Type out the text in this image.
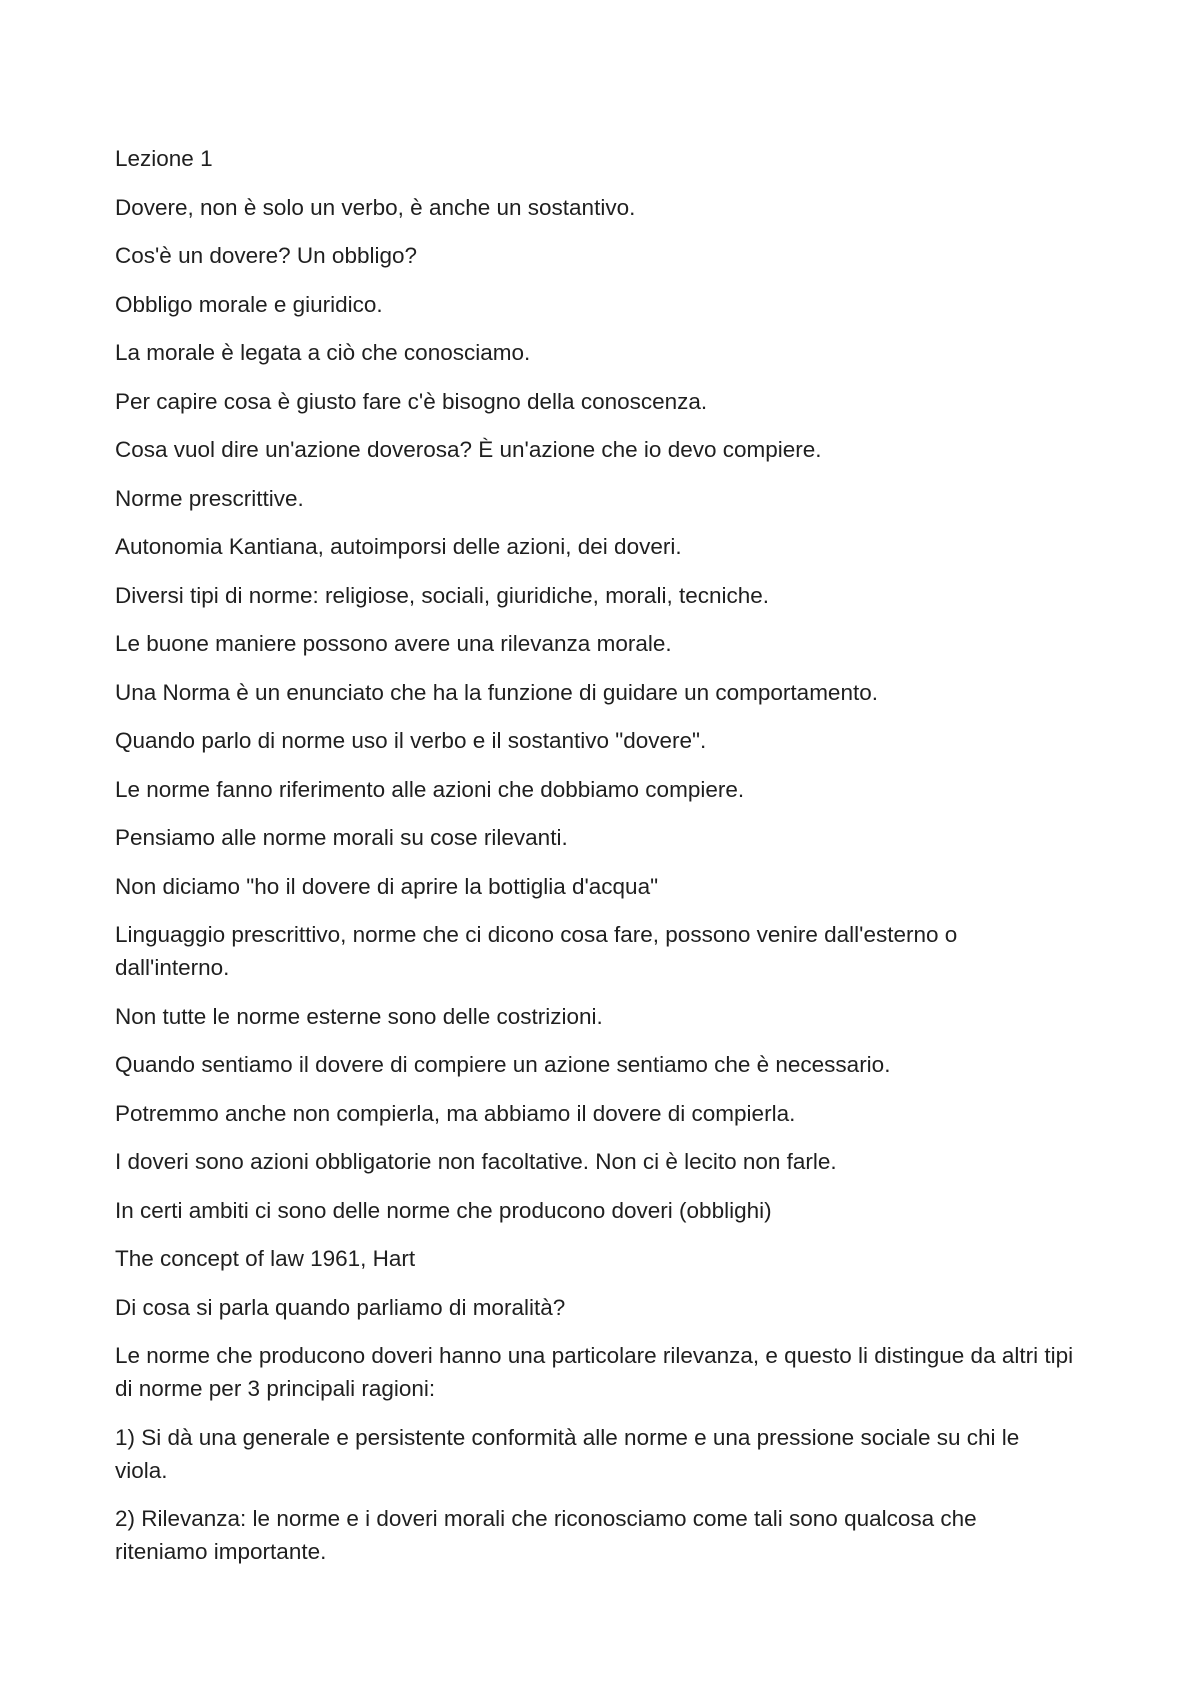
Lezione 1

Dovere, non è solo un verbo, è anche un sostantivo.

Cos'è un dovere? Un obbligo?

Obbligo morale e giuridico.

La morale è legata a ciò che conosciamo.

Per capire cosa è giusto fare c'è bisogno della conoscenza.

Cosa vuol dire un'azione doverosa? È un'azione che io devo compiere.

Norme prescrittive.

Autonomia Kantiana, autoimporsi delle azioni, dei doveri.

Diversi tipi di norme: religiose, sociali, giuridiche, morali, tecniche.

Le buone maniere possono avere una rilevanza morale.

Una Norma è un enunciato che ha la funzione di guidare un comportamento.

Quando parlo di norme uso il verbo e il sostantivo "dovere".

Le norme fanno riferimento alle azioni che dobbiamo compiere.

Pensiamo alle norme morali su cose rilevanti.

Non diciamo "ho il dovere di aprire la bottiglia d'acqua"

Linguaggio prescrittivo, norme che ci dicono cosa fare, possono venire dall'esterno o dall'interno.

Non tutte le norme esterne sono delle costrizioni.

Quando sentiamo il dovere di compiere un azione sentiamo che è necessario.

Potremmo anche non compierla, ma abbiamo il dovere di compierla.

I doveri sono azioni obbligatorie non facoltative. Non ci è lecito non farle.

In certi ambiti ci sono delle norme che producono doveri (obblighi)

The concept of law 1961, Hart

Di cosa si parla quando parliamo di moralità?

Le norme che producono doveri hanno una particolare rilevanza, e questo li distingue da altri tipi di norme per 3 principali ragioni:

1) Si dà una generale e persistente conformità alle norme e una pressione sociale su chi le viola.

2) Rilevanza: le norme e i doveri morali che riconosciamo come tali sono qualcosa che riteniamo importante.
